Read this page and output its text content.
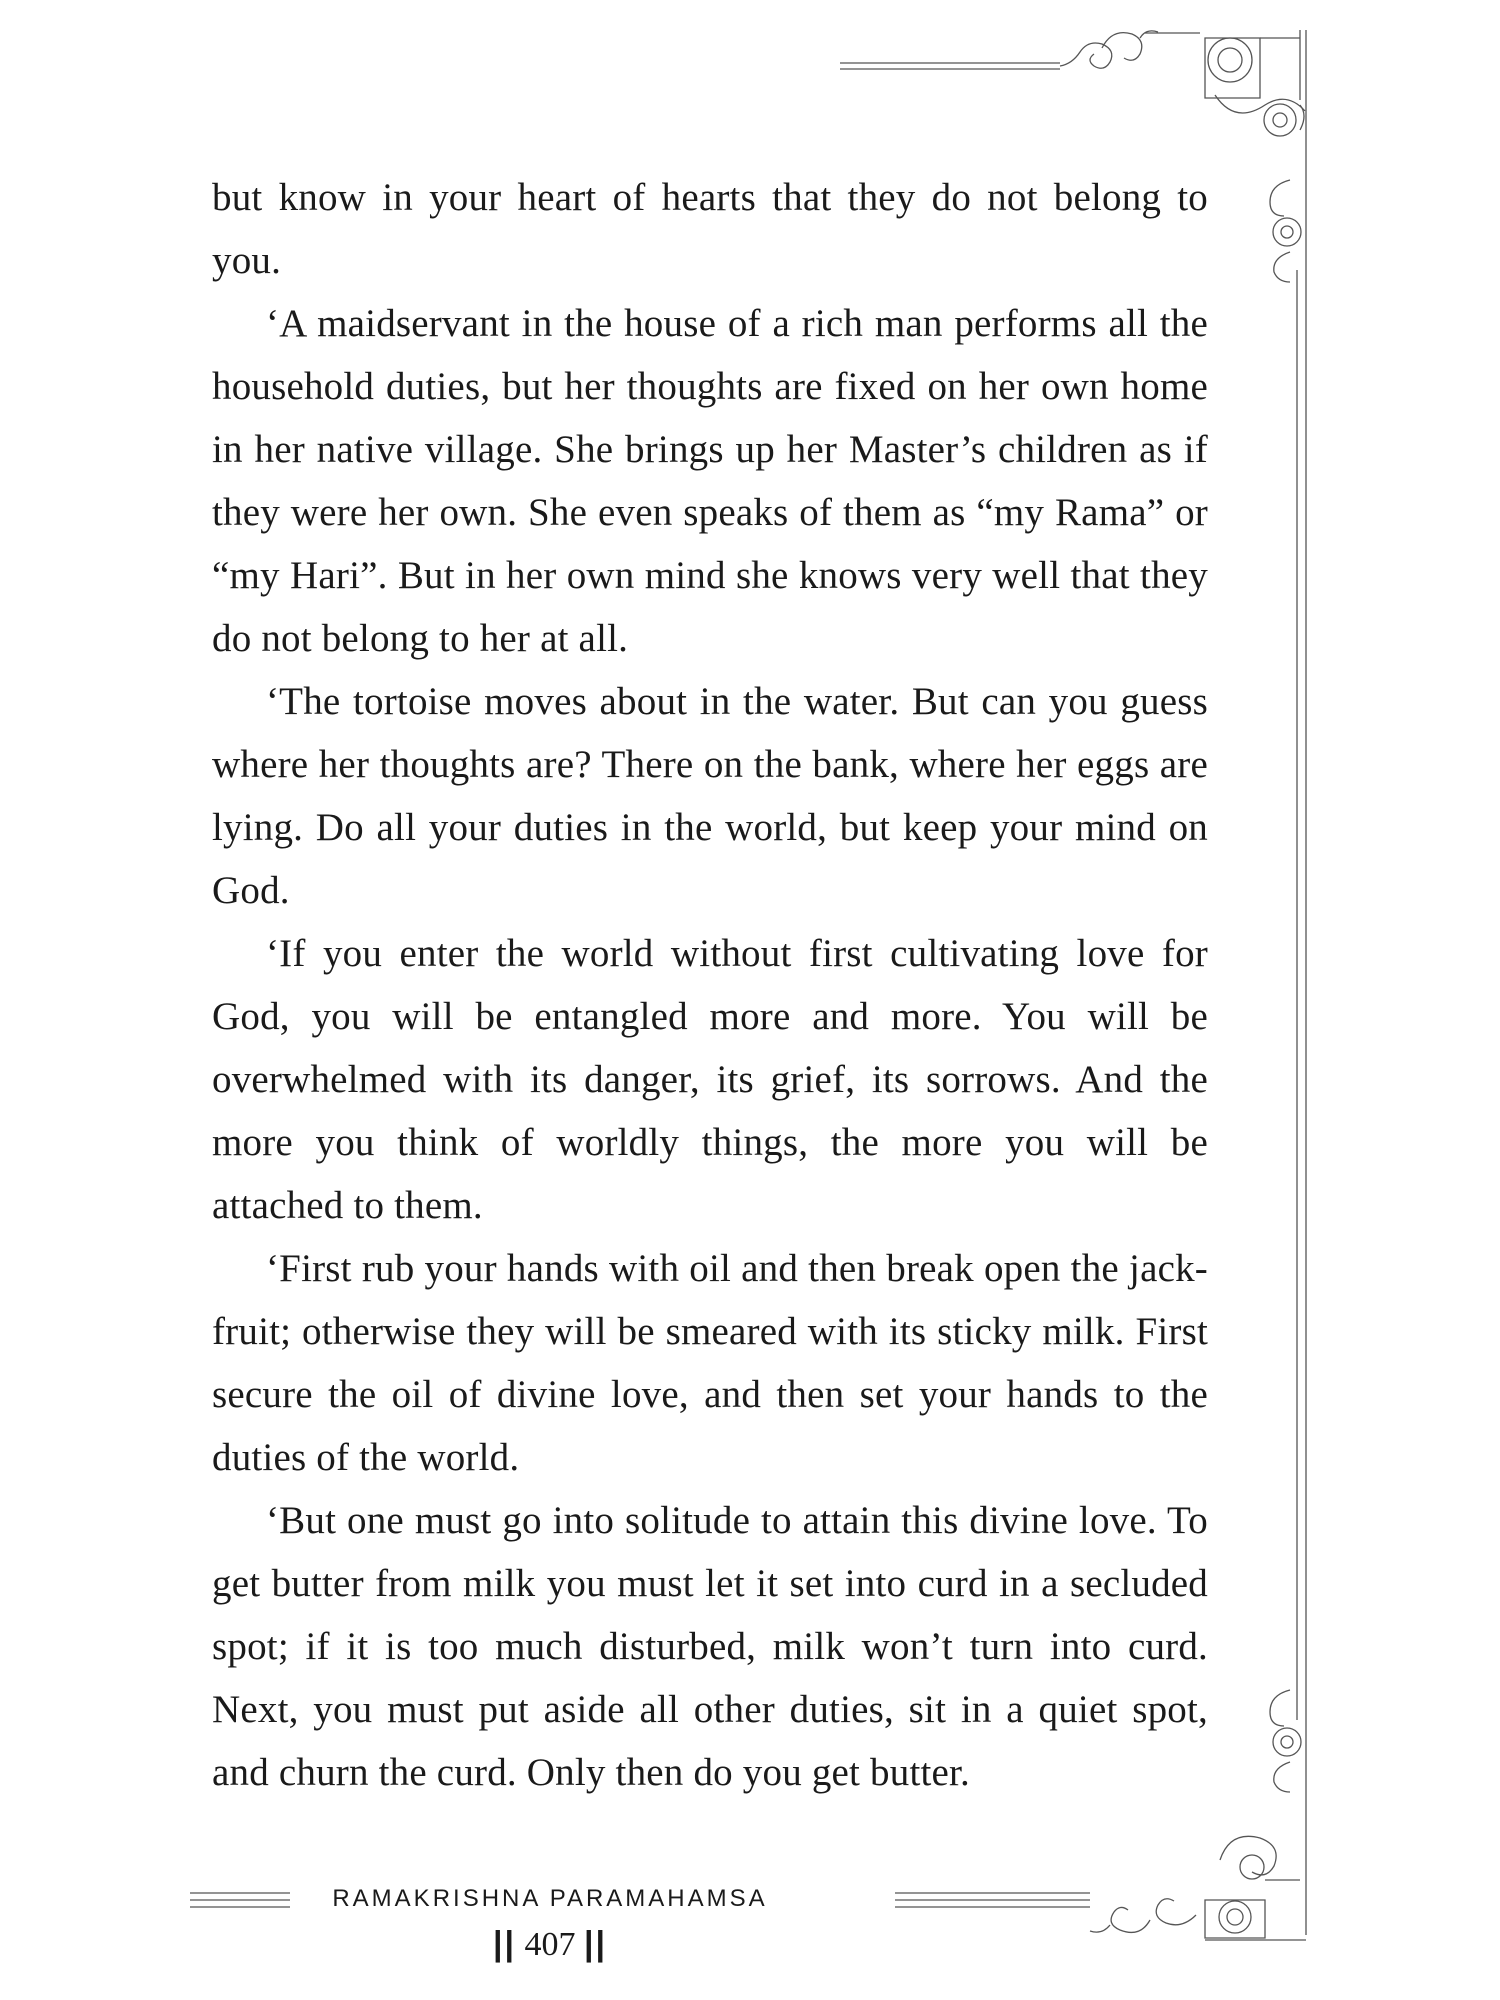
but know in your heart of hearts that they do not belong to you.

‘A maidservant in the house of a rich man performs all the household duties, but her thoughts are fixed on her own home in her native village. She brings up her Master’s children as if they were her own. She even speaks of them as “my Rama” or “my Hari”. But in her own mind she knows very well that they do not belong to her at all.

‘The tortoise moves about in the water. But can you guess where her thoughts are? There on the bank, where her eggs are lying. Do all your duties in the world, but keep your mind on God.

‘If you enter the world without first cultivating love for God, you will be entangled more and more. You will be overwhelmed with its danger, its grief, its sorrows. And the more you think of worldly things, the more you will be attached to them.

‘First rub your hands with oil and then break open the jack-fruit; otherwise they will be smeared with its sticky milk. First secure the oil of divine love, and then set your hands to the duties of the world.

‘But one must go into solitude to attain this divine love. To get butter from milk you must let it set into curd in a secluded spot; if it is too much disturbed, milk won’t turn into curd. Next, you must put aside all other duties, sit in a quiet spot, and churn the curd. Only then do you get butter.

RAMAKRISHNA PARAMAHAMSA
|| 407 ||
